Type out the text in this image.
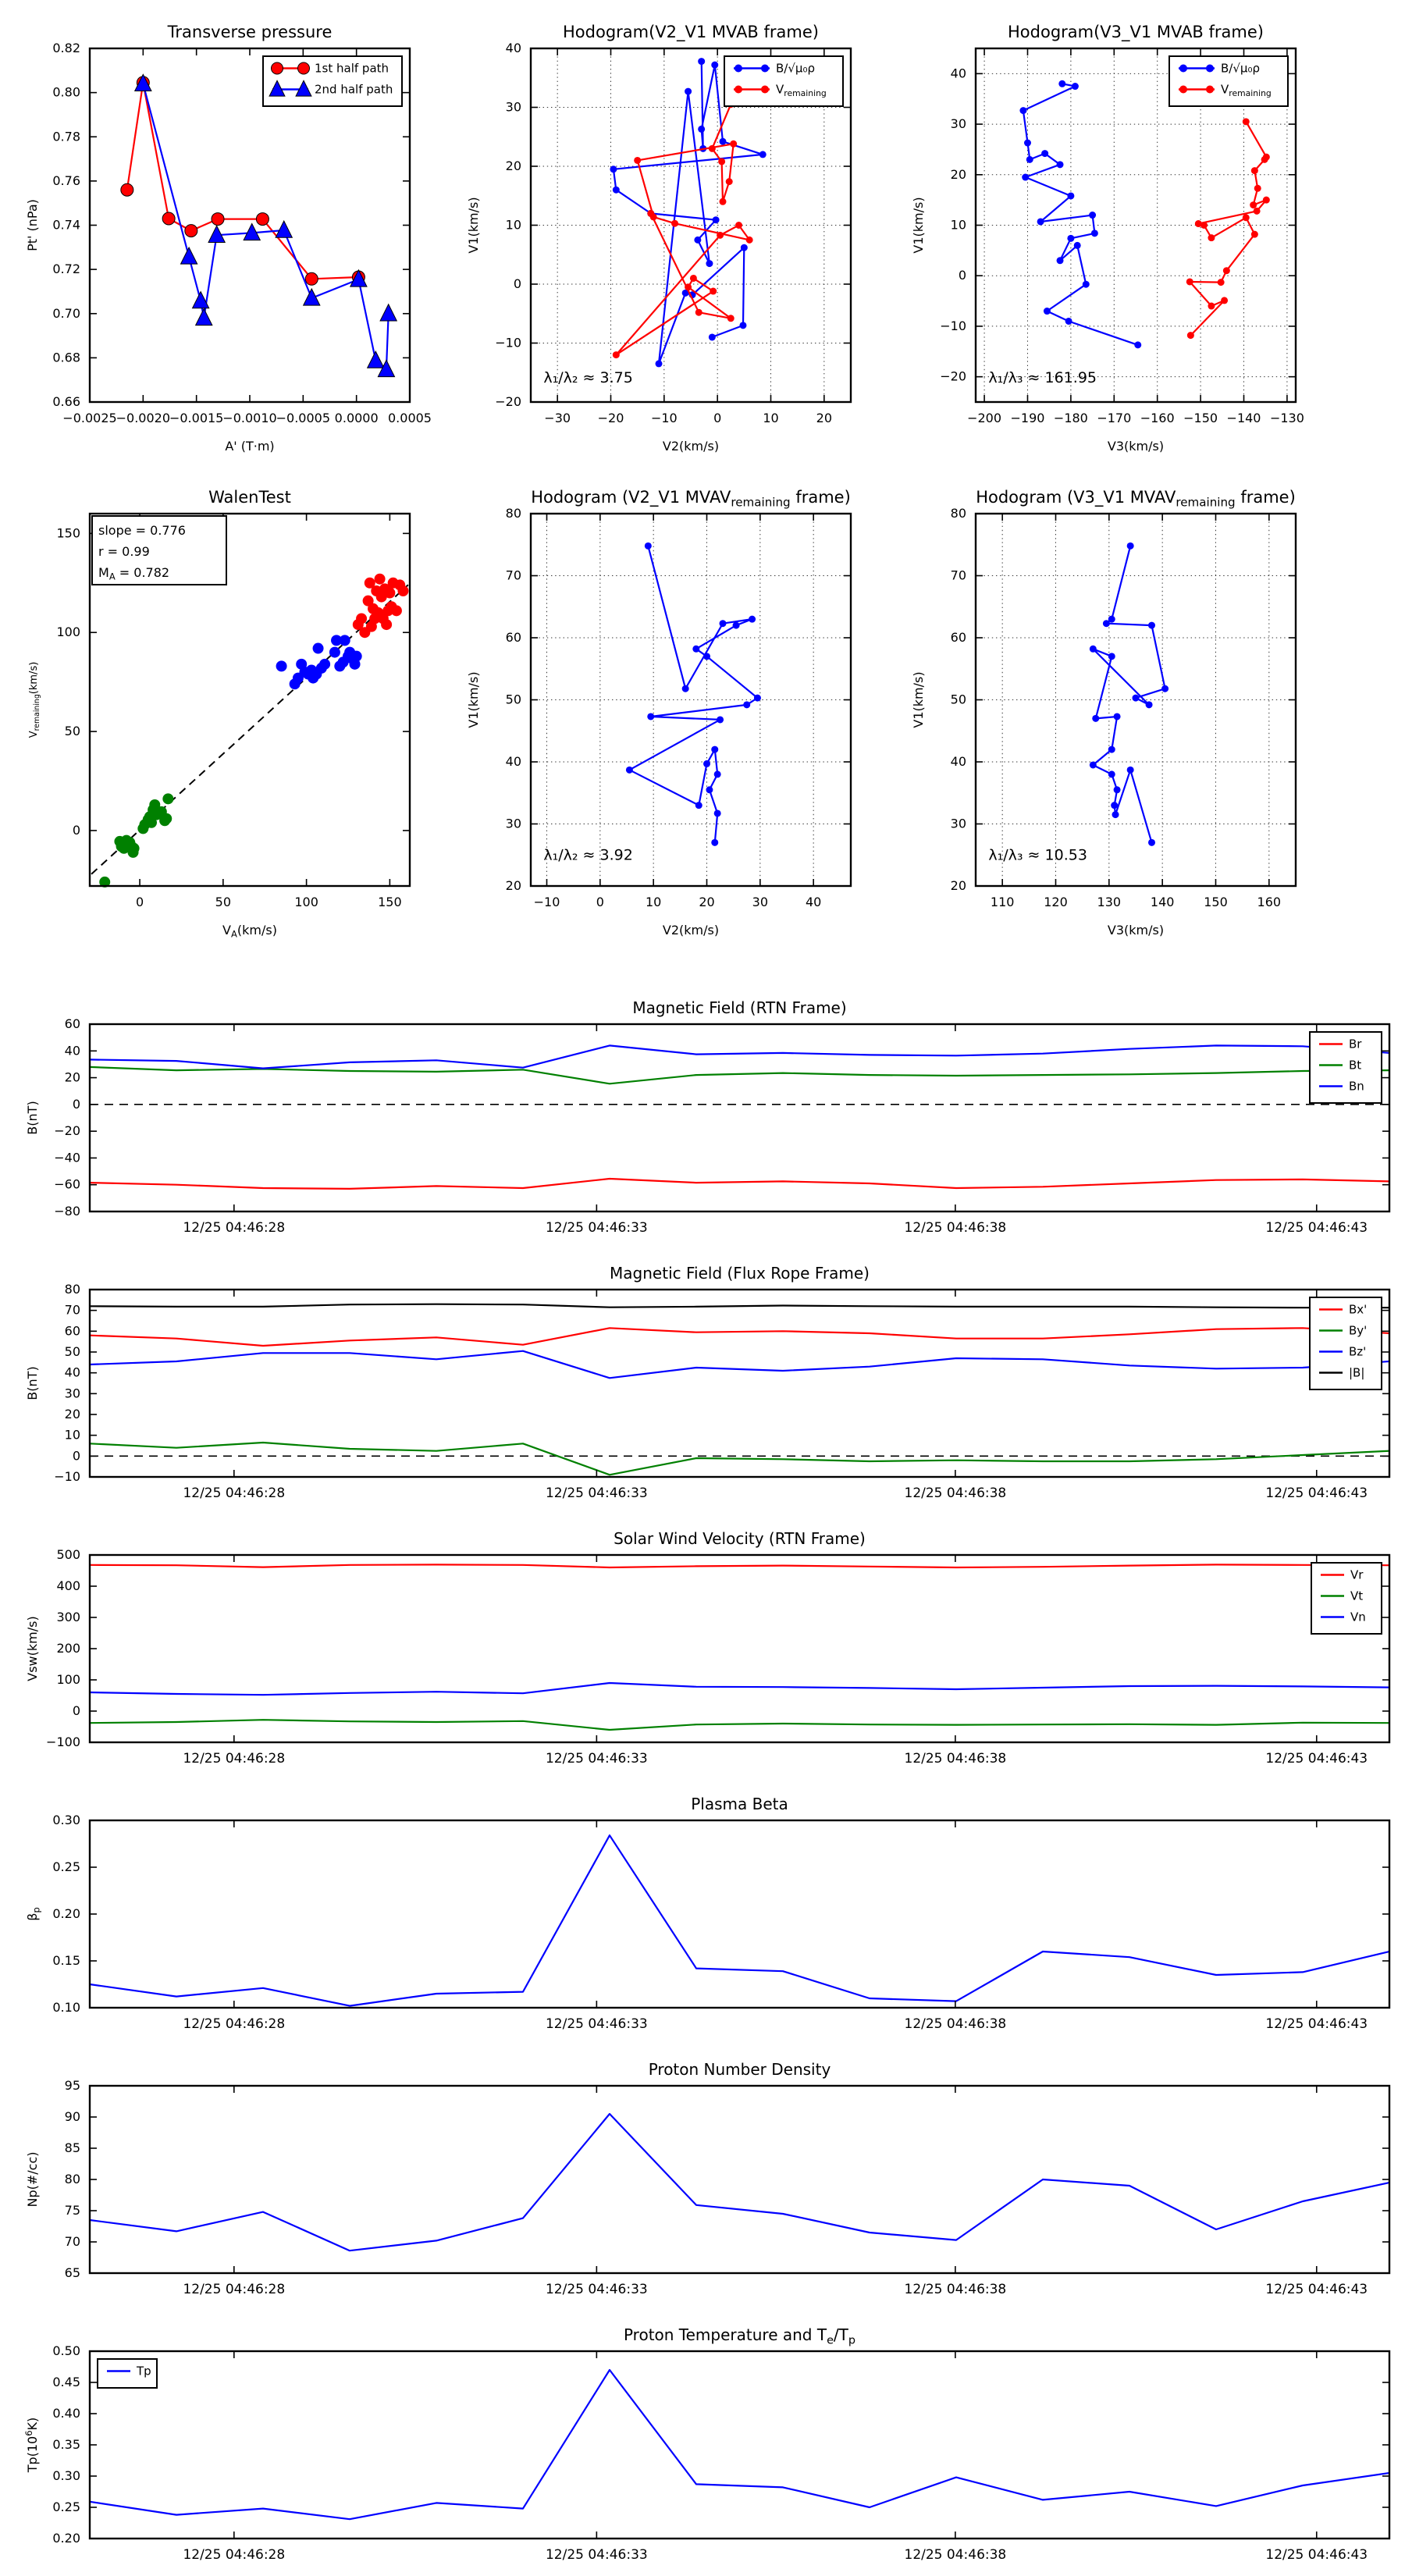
−0.0025
−0.0020
−0.0015
−0.0010
−0.0005 0.0000 0.0005
0.66
0.68
0.70
0.72
0.74
0.76
0.78
0.80
0.82
Transverse pressure
A' (T·m)
Pt' (nPa)
1st half path
2nd half path
−30 −20 −10	0	10	20
−20
−10
0
10
20
30
40
Hodogram(V2_V1 MVAB frame)
V2(km/s)
V1(km/s)
B/√μ₀ρ
$V_{remaining}$
λ₁/λ₂ ≈ 3.75
−200 −190 −180 −170 −160 −150 −140 −130
−20
−10
0
10
20
30
40
Hodogram(V3_V1 MVAB frame)
V3(km/s)
V1(km/s)
B/√μ₀ρ
$V_{remaining}$
λ₁/λ₃ ≈ 161.95
0	50	100	150
0
50
100
150
WalenTest
$V_A(km/s)$
$V_{remaining}(km/s)$
slope = 0.776
r = 0.99
$M_A = 0.782$
−10	0	10	20	30	40
20
30
40
50
60
70
80
Hodogram (V2_V1 $MVAV_{remaining}$ frame)
V2(km/s)
V1(km/s)
λ₁/λ₂ ≈ 3.92
110 120 130 140 150 160
20
30
40
50
60
70
80
Hodogram (V3_V1 $MVAV_{remaining}$ frame)
V3(km/s)
V1(km/s)
λ₁/λ₃ ≈ 10.53
12/25 04:46:28	12/25 04:46:33	12/25 04:46:38	12/25 04:46:43
−80
−60
−40
−20
0
20
40
60
Magnetic Field (RTN Frame)
B(nT)
Br
Bt
Bn
12/25 04:46:28	12/25 04:46:33	12/25 04:46:38	12/25 04:46:43
−10
0
10
20
30
40
50
60
70
80
Magnetic Field (Flux Rope Frame)
B(nT)
Bx'
By'
Bz'
|B|
12/25 04:46:28	12/25 04:46:33	12/25 04:46:38	12/25 04:46:43
−100
0
100
200
300
400
500
Solar Wind Velocity (RTN Frame)
Vsw(km/s)
Vr
Vt
Vn
12/25 04:46:28	12/25 04:46:33	12/25 04:46:38	12/25 04:46:43
0.10
0.15
0.20
0.25
0.30
Plasma Beta
$\beta_p$
12/25 04:46:28	12/25 04:46:33	12/25 04:46:38	12/25 04:46:43
65
70
75
80
85
90
95
Proton Number Density
Np(#/cc)
12/25 04:46:28	12/25 04:46:33	12/25 04:46:38	12/25 04:46:43
0.20
0.25
0.30
0.35
0.40
0.45
0.50
Proton Temperature and $T_e/T_p$
$Tp(10^6K)$
Tp
